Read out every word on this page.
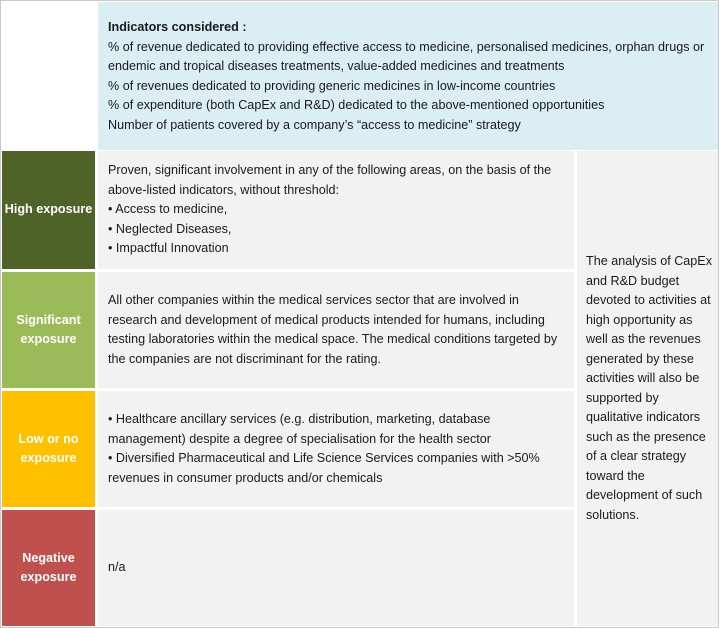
Indicators considered :
% of revenue dedicated to providing effective access to medicine, personalised medicines, orphan drugs or endemic and tropical diseases treatments, value-added medicines and treatments
% of revenues dedicated to providing generic medicines in low-income countries
% of expenditure (both CapEx and R&D) dedicated to the above-mentioned opportunities
Number of patients covered by a company’s “access to medicine” strategy
High exposure
Proven, significant involvement in any of the following areas, on the basis of the above-listed indicators, without threshold:
• Access to medicine,
• Neglected Diseases,
• Impactful Innovation
Significant exposure
All other companies within the medical services sector that are involved in research and development of medical products intended for humans, including testing laboratories within the medical space. The medical conditions targeted by the companies are not discriminant for the rating.
Low or no exposure
• Healthcare ancillary services (e.g. distribution, marketing, database management) despite a degree of specialisation for the health sector
• Diversified Pharmaceutical and Life Science Services companies with >50% revenues in consumer products and/or chemicals
Negative exposure
n/a
The analysis of CapEx and R&D budget devoted to activities at high opportunity as well as the revenues generated by these activities will also be supported by qualitative indicators such as the presence of a clear strategy toward the development of such solutions.
